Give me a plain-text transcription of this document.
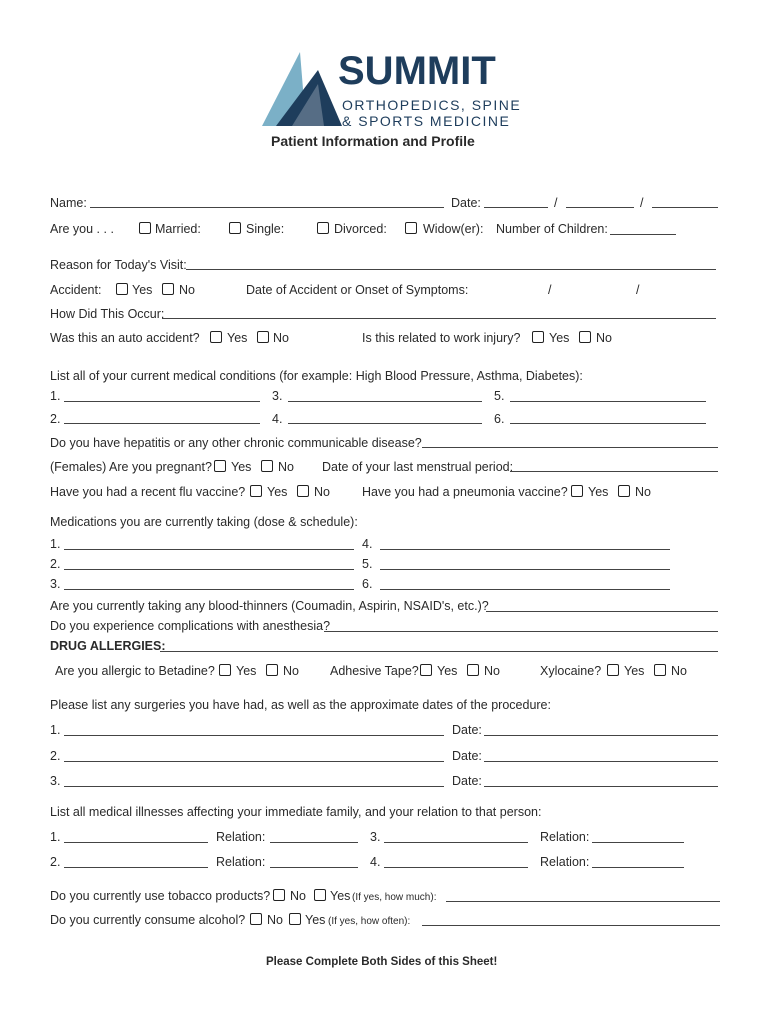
SUMMIT
ORTHOPEDICS, SPINE
& SPORTS MEDICINE
Patient Information and Profile
Name:	Date:	/	/
Are you . . .	Married:	Single:	Divorced:	Widow(er): Number of Children:
Reason for Today's Visit:
Accident: Yes No	Date of Accident or Onset of Symptoms:	/	/
How Did This Occur:
Was this an auto accident? Yes No	Is this related to work injury? Yes No
List all of your current medical conditions (for example: High Blood Pressure, Asthma, Diabetes):
1.	3.	5.
2.	4.	6.
Do you have hepatitis or any other chronic communicable disease?
(Females) Are you pregnant? Yes No Date of your last menstrual period:
Have you had a recent flu vaccine? Yes No	Have you had a pneumonia vaccine? Yes No
Medications you are currently taking (dose & schedule):
1.	4.
2.	5.
3.	6.
Are you currently taking any blood-thinners (Coumadin, Aspirin, NSAID's, etc.)?
Do you experience complications with anesthesia?
DRUG ALLERGIES:
Are you allergic to Betadine? Yes No Adhesive Tape? Yes No	Xylocaine? Yes No
Please list any surgeries you have had, as well as the approximate dates of the procedure:
1.	Date:
2.	Date:
3.	Date:
List all medical illnesses affecting your immediate family, and your relation to that person:
1.	Relation:	3.	Relation:
2.	Relation:	4.	Relation:
Do you currently use tobacco products? No Yes (If yes, how much):
Do you currently consume alcohol? No Yes (If yes, how often):
Please Complete Both Sides of this Sheet!
